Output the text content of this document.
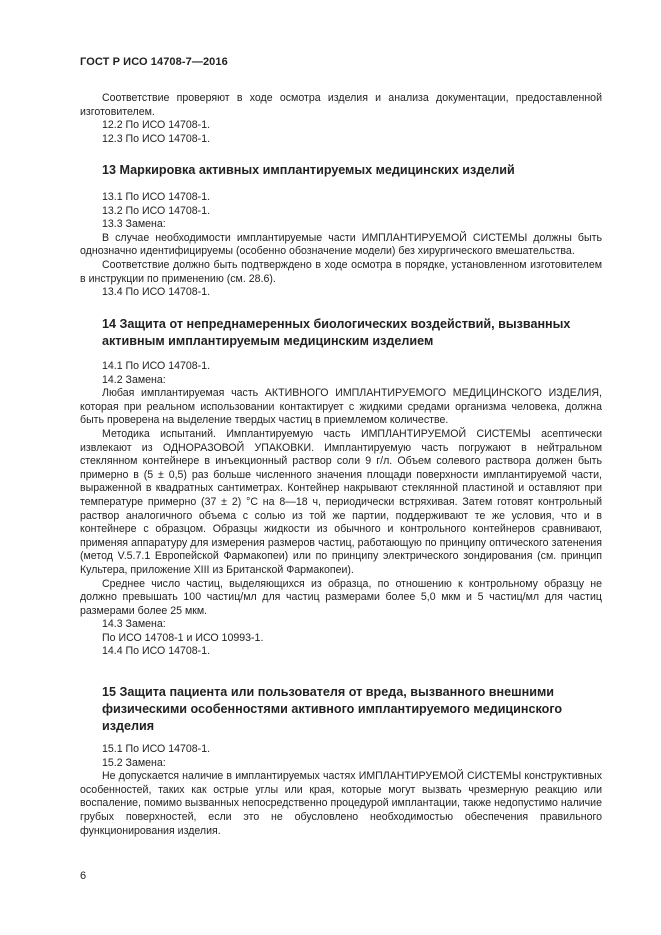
ГОСТ Р ИСО 14708-7—2016

Соответствие проверяют в ходе осмотра изделия и анализа документации, предоставленной изготовителем.

12.2 По ИСО 14708-1.

12.3 По ИСО 14708-1.

13 Маркировка активных имплантируемых медицинских изделий

13.1 По ИСО 14708-1.

13.2 По ИСО 14708-1.

13.3 Замена:

В случае необходимости имплантируемые части ИМПЛАНТИРУЕМОЙ СИСТЕМЫ должны быть однозначно идентифицируемы (особенно обозначение модели) без хирургического вмешательства.

Соответствие должно быть подтверждено в ходе осмотра в порядке, установленном изготовителем в инструкции по применению (см. 28.6).

13.4 По ИСО 14708-1.

14 Защита от непреднамеренных биологических воздействий, вызванных активным имплантируемым медицинским изделием

14.1 По ИСО 14708-1.

14.2 Замена:

Любая имплантируемая часть АКТИВНОГО ИМПЛАНТИРУЕМОГО МЕДИЦИНСКОГО ИЗДЕЛИЯ, которая при реальном использовании контактирует с жидкими средами организма человека, должна быть проверена на выделение твердых частиц в приемлемом количестве.

Методика испытаний. Имплантируемую часть ИМПЛАНТИРУЕМОЙ СИСТЕМЫ асептически извлекают из ОДНОРАЗОВОЙ УПАКОВКИ. Имплантируемую часть погружают в нейтральном стеклянном контейнере в инъекционный раствор соли 9 г/л. Объем солевого раствора должен быть примерно в (5 ± 0,5) раз больше численного значения площади поверхности имплантируемой части, выраженной в квадратных сантиметрах. Контейнер накрывают стеклянной пластиной и оставляют при температуре примерно (37 ± 2) °С на 8—18 ч, периодически встряхивая. Затем готовят контрольный раствор аналогичного объема с солью из той же партии, поддерживают те же условия, что и в контейнере с образцом. Образцы жидкости из обычного и контрольного контейнеров сравнивают, применяя аппаратуру для измерения размеров частиц, работающую по принципу оптического затенения (метод V.5.7.1 Европейской Фармакопеи) или по принципу электрического зондирования (см. принцип Культера, приложение XIII из Британской Фармакопеи).

Среднее число частиц, выделяющихся из образца, по отношению к контрольному образцу не должно превышать 100 частиц/мл для частиц размерами более 5,0 мкм и 5 частиц/мл для частиц размерами более 25 мкм.

14.3 Замена:

По ИСО 14708-1 и ИСО 10993-1.

14.4 По ИСО 14708-1.

15 Защита пациента или пользователя от вреда, вызванного внешними физическими особенностями активного имплантируемого медицинского изделия

15.1 По ИСО 14708-1.

15.2 Замена:

Не допускается наличие в имплантируемых частях ИМПЛАНТИРУЕМОЙ СИСТЕМЫ конструктивных особенностей, таких как острые углы или края, которые могут вызвать чрезмерную реакцию или воспаление, помимо вызванных непосредственно процедурой имплантации, также недопустимо наличие грубых поверхностей, если это не обусловлено необходимостью обеспечения правильного функционирования изделия.

6
